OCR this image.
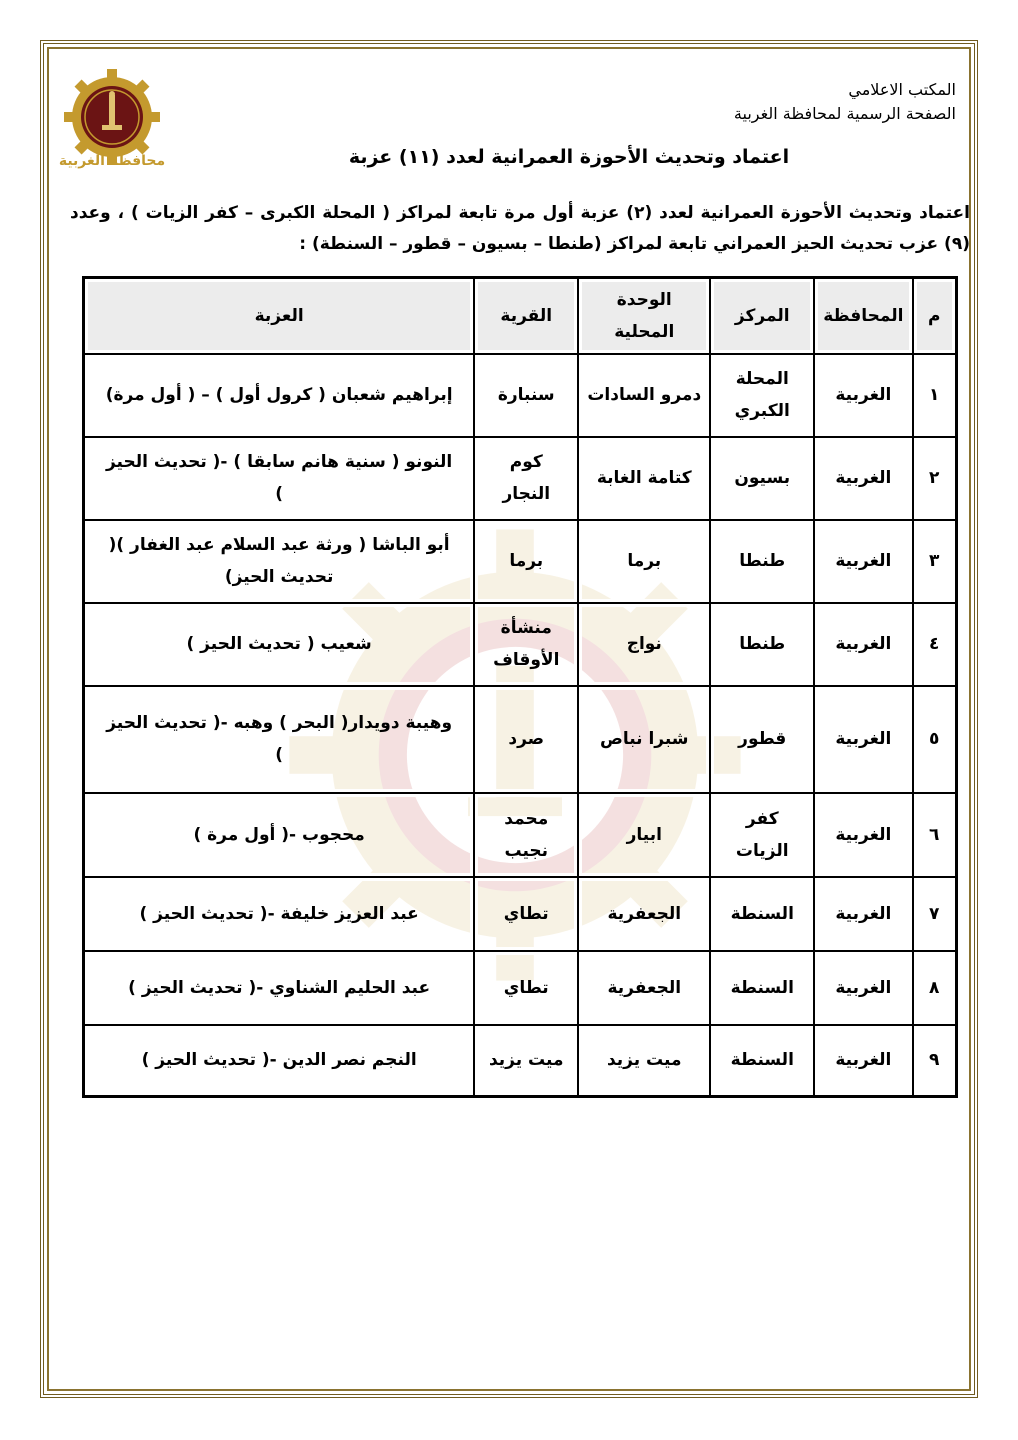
محافظة الغربية
المكتب الاعلامي
الصفحة الرسمية لمحافظة الغربية
اعتماد وتحديث الأحوزة العمرانية لعدد (١١) عزبة
اعتماد وتحديث الأحوزة العمرانية لعدد (٢) عزبة أول مرة تابعة لمراكز ( المحلة الكبرى – كفر الزيات ) ، وعدد (٩) عزب تحديث الحيز العمراني تابعة لمراكز (طنطا – بسيون – قطور – السنطة) :
م	المحافظة	المركز	الوحدة المحلية	القرية	العزبة
١	الغربية	المحلة الكبري	دمرو السادات	سنبارة	إبراهيم شعبان ( كرول أول ) – ( أول مرة)
٢	الغربية	بسيون	كتامة الغابة	كوم النجار	النونو ( سنية هانم سابقا ) -( تحديث الحيز )
٣	الغربية	طنطا	برما	برما	أبو الباشا ( ورثة عبد السلام عبد الغفار )( تحديث الحيز)
٤	الغربية	طنطا	نواج	منشأة الأوقاف	شعيب ( تحديث الحيز )
٥	الغربية	قطور	شبرا نباص	صرد	وهيبة دويدار( البحر ) وهبه -( تحديث الحيز )
٦	الغربية	كفر الزيات	ابيار	محمد نجيب	محجوب -( أول مرة )
٧	الغربية	السنطة	الجعفرية	تطاي	عبد العزيز خليفة -( تحديث الحيز )
٨	الغربية	السنطة	الجعفرية	تطاي	عبد الحليم الشناوي -( تحديث الحيز )
٩	الغربية	السنطة	ميت يزيد	ميت يزيد	النجم نصر الدين -( تحديث الحيز )
